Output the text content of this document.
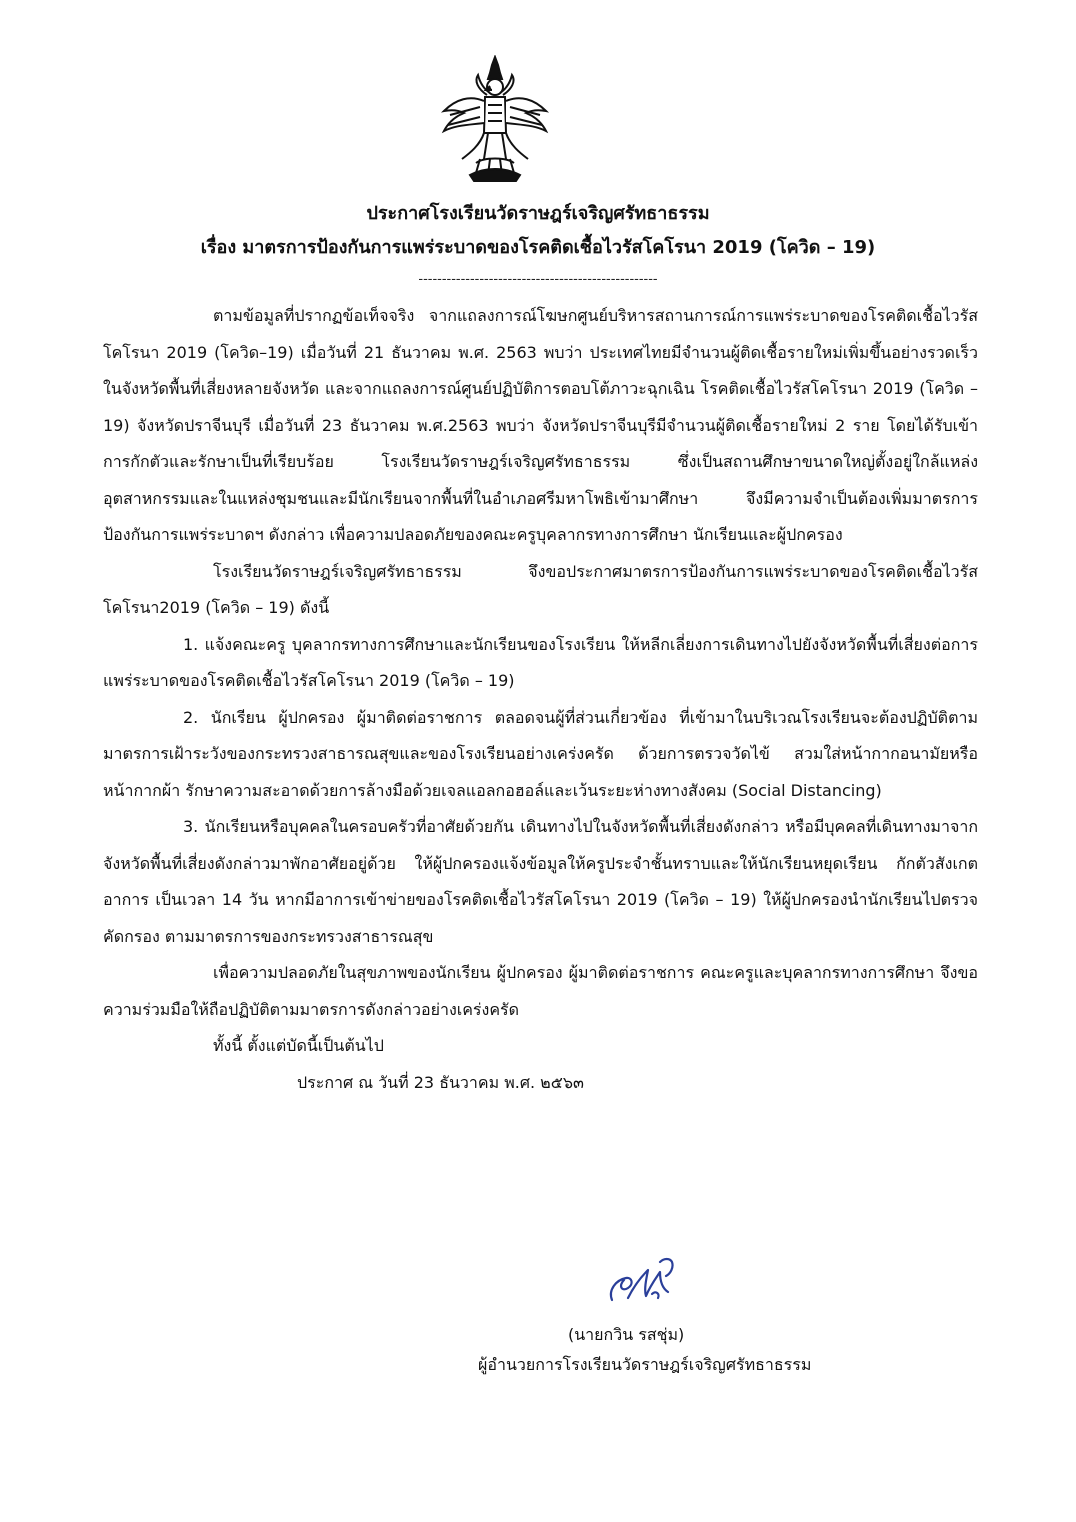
ประกาศโรงเรียนวัดราษฎร์เจริญศรัทธาธรรม
เรื่อง มาตรการป้องกันการแพร่ระบาดของโรคติดเชื้อไวรัสโคโรนา 2019 (โควิด – 19)
---------------------------------------------------

ตามข้อมูลที่ปรากฏข้อเท็จจริง จากแถลงการณ์โฆษกศูนย์บริหารสถานการณ์การแพร่ระบาดของโรคติดเชื้อไวรัสโคโรนา 2019 (โควิด–19) เมื่อวันที่ 21 ธันวาคม พ.ศ. 2563 พบว่า ประเทศไทยมีจำนวนผู้ติดเชื้อรายใหม่เพิ่มขึ้นอย่างรวดเร็วในจังหวัดพื้นที่เสี่ยงหลายจังหวัด และจากแถลงการณ์ศูนย์ปฏิบัติการตอบโต้ภาวะฉุกเฉิน โรคติดเชื้อไวรัสโคโรนา 2019 (โควิด – 19) จังหวัดปราจีนบุรี เมื่อวันที่ 23 ธันวาคม พ.ศ.2563 พบว่า จังหวัดปราจีนบุรีมีจำนวนผู้ติดเชื้อรายใหม่ 2 ราย โดยได้รับเข้าการกักตัวและรักษาเป็นที่เรียบร้อย โรงเรียนวัดราษฎร์เจริญศรัทธาธรรม ซึ่งเป็นสถานศึกษาขนาดใหญ่ตั้งอยู่ใกล้แหล่งอุตสาหกรรมและในแหล่งชุมชนและมีนักเรียนจากพื้นที่ในอำเภอศรีมหาโพธิเข้ามาศึกษา จึงมีความจำเป็นต้องเพิ่มมาตรการป้องกันการแพร่ระบาดฯ ดังกล่าว เพื่อความปลอดภัยของคณะครูบุคลากรทางการศึกษา นักเรียนและผู้ปกครอง

โรงเรียนวัดราษฎร์เจริญศรัทธาธรรม จึงขอประกาศมาตรการป้องกันการแพร่ระบาดของโรคติดเชื้อไวรัสโคโรนา2019 (โควิด – 19) ดังนี้

1. แจ้งคณะครู บุคลากรทางการศึกษาและนักเรียนของโรงเรียน ให้หลีกเลี่ยงการเดินทางไปยังจังหวัดพื้นที่เสี่ยงต่อการแพร่ระบาดของโรคติดเชื้อไวรัสโคโรนา 2019 (โควิด – 19)

2. นักเรียน ผู้ปกครอง ผู้มาติดต่อราชการ ตลอดจนผู้ที่ส่วนเกี่ยวข้อง ที่เข้ามาในบริเวณโรงเรียนจะต้องปฏิบัติตามมาตรการเฝ้าระวังของกระทรวงสาธารณสุขและของโรงเรียนอย่างเคร่งครัด ด้วยการตรวจวัดไข้ สวมใส่หน้ากากอนามัยหรือหน้ากากผ้า รักษาความสะอาดด้วยการล้างมือด้วยเจลแอลกอฮอล์และเว้นระยะห่างทางสังคม (Social Distancing)

3. นักเรียนหรือบุคคลในครอบครัวที่อาศัยด้วยกัน เดินทางไปในจังหวัดพื้นที่เสี่ยงดังกล่าว หรือมีบุคคลที่เดินทางมาจากจังหวัดพื้นที่เสี่ยงดังกล่าวมาพักอาศัยอยู่ด้วย ให้ผู้ปกครองแจ้งข้อมูลให้ครูประจำชั้นทราบและให้นักเรียนหยุดเรียน กักตัวสังเกตอาการ เป็นเวลา 14 วัน หากมีอาการเข้าข่ายของโรคติดเชื้อไวรัสโคโรนา 2019 (โควิด – 19) ให้ผู้ปกครองนำนักเรียนไปตรวจคัดกรอง ตามมาตรการของกระทรวงสาธารณสุข

เพื่อความปลอดภัยในสุขภาพของนักเรียน ผู้ปกครอง ผู้มาติดต่อราชการ คณะครูและบุคลากรทางการศึกษา จึงขอความร่วมมือให้ถือปฏิบัติตามมาตรการดังกล่าวอย่างเคร่งครัด

ทั้งนี้ ตั้งแต่บัดนี้เป็นต้นไป

ประกาศ ณ วันที่ 23 ธันวาคม พ.ศ. ๒๕๖๓

(นายกวิน รสชุ่ม)
ผู้อำนวยการโรงเรียนวัดราษฎร์เจริญศรัทธาธรรม
